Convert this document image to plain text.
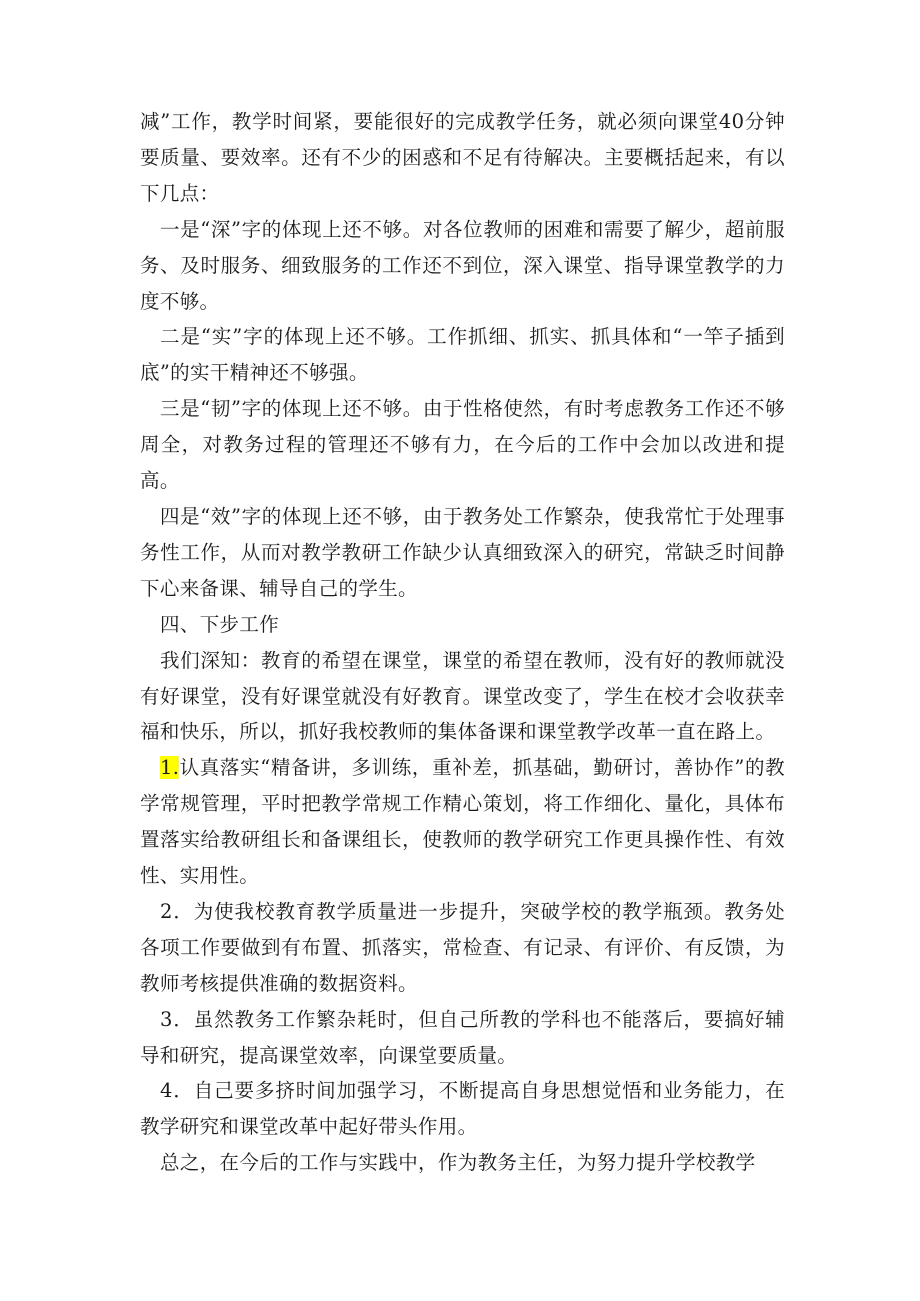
减”工作，教学时间紧，要能很好的完成教学任务，就必须向课堂40分钟要质量、要效率。还有不少的困惑和不足有待解决。主要概括起来，有以下几点：

一是“深”字的体现上还不够。对各位教师的困难和需要了解少，超前服务、及时服务、细致服务的工作还不到位，深入课堂、指导课堂教学的力度不够。

二是“实”字的体现上还不够。工作抓细、抓实、抓具体和“一竿子插到底”的实干精神还不够强。

三是“韧”字的体现上还不够。由于性格使然，有时考虑教务工作还不够周全，对教务过程的管理还不够有力，在今后的工作中会加以改进和提高。

四是“效”字的体现上还不够，由于教务处工作繁杂，使我常忙于处理事务性工作，从而对教学教研工作缺少认真细致深入的研究，常缺乏时间静下心来备课、辅导自己的学生。

四、下步工作

我们深知：教育的希望在课堂，课堂的希望在教师，没有好的教师就没有好课堂，没有好课堂就没有好教育。课堂改变了，学生在校才会收获幸福和快乐，所以，抓好我校教师的集体备课和课堂教学改革一直在路上。

1.认真落实“精备讲，多训练，重补差，抓基础，勤研讨，善协作”的教学常规管理，平时把教学常规工作精心策划，将工作细化、量化，具体布置落实给教研组长和备课组长，使教师的教学研究工作更具操作性、有效性、实用性。

2．为使我校教育教学质量进一步提升，突破学校的教学瓶颈。教务处各项工作要做到有布置、抓落实，常检查、有记录、有评价、有反馈，为教师考核提供准确的数据资料。

3．虽然教务工作繁杂耗时，但自己所教的学科也不能落后，要搞好辅导和研究，提高课堂效率，向课堂要质量。

4．自己要多挤时间加强学习，不断提高自身思想觉悟和业务能力，在教学研究和课堂改革中起好带头作用。

总之，在今后的工作与实践中，作为教务主任，为努力提升学校教学
